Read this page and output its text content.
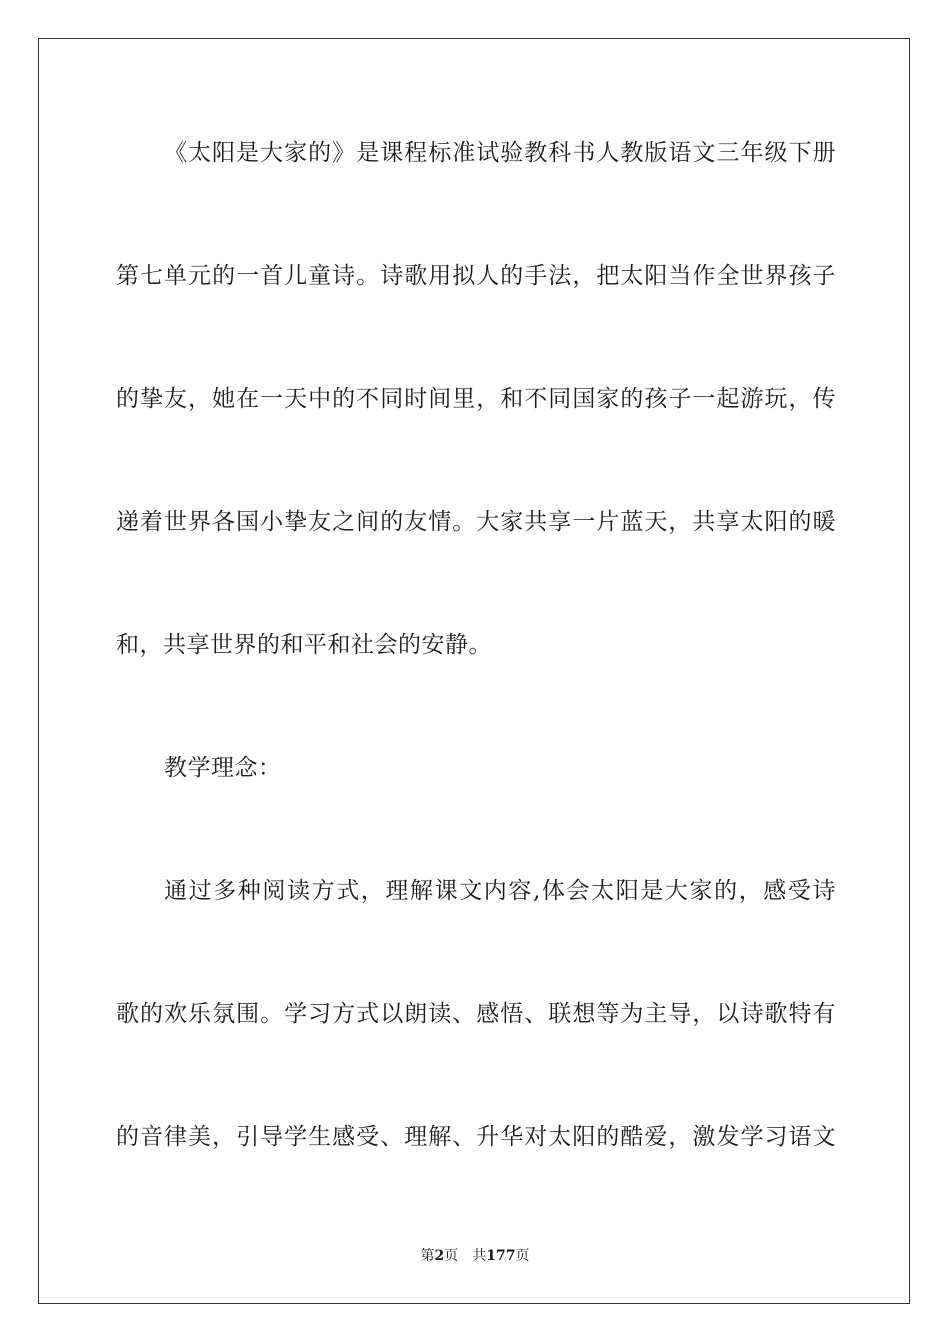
《太阳是大家的》是课程标准试验教科书人教版语文三年级下册
第七单元的一首儿童诗。诗歌用拟人的手法，把太阳当作全世界孩子
的挚友，她在一天中的不同时间里，和不同国家的孩子一起游玩，传
递着世界各国小挚友之间的友情。大家共享一片蓝天，共享太阳的暖
和，共享世界的和平和社会的安静。
教学理念：
通过多种阅读方式，理解课文内容,体会太阳是大家的，感受诗
歌的欢乐氛围。学习方式以朗读、感悟、联想等为主导，以诗歌特有
的音律美，引导学生感受、理解、升华对太阳的酷爱，激发学习语文
第2页 共177页
